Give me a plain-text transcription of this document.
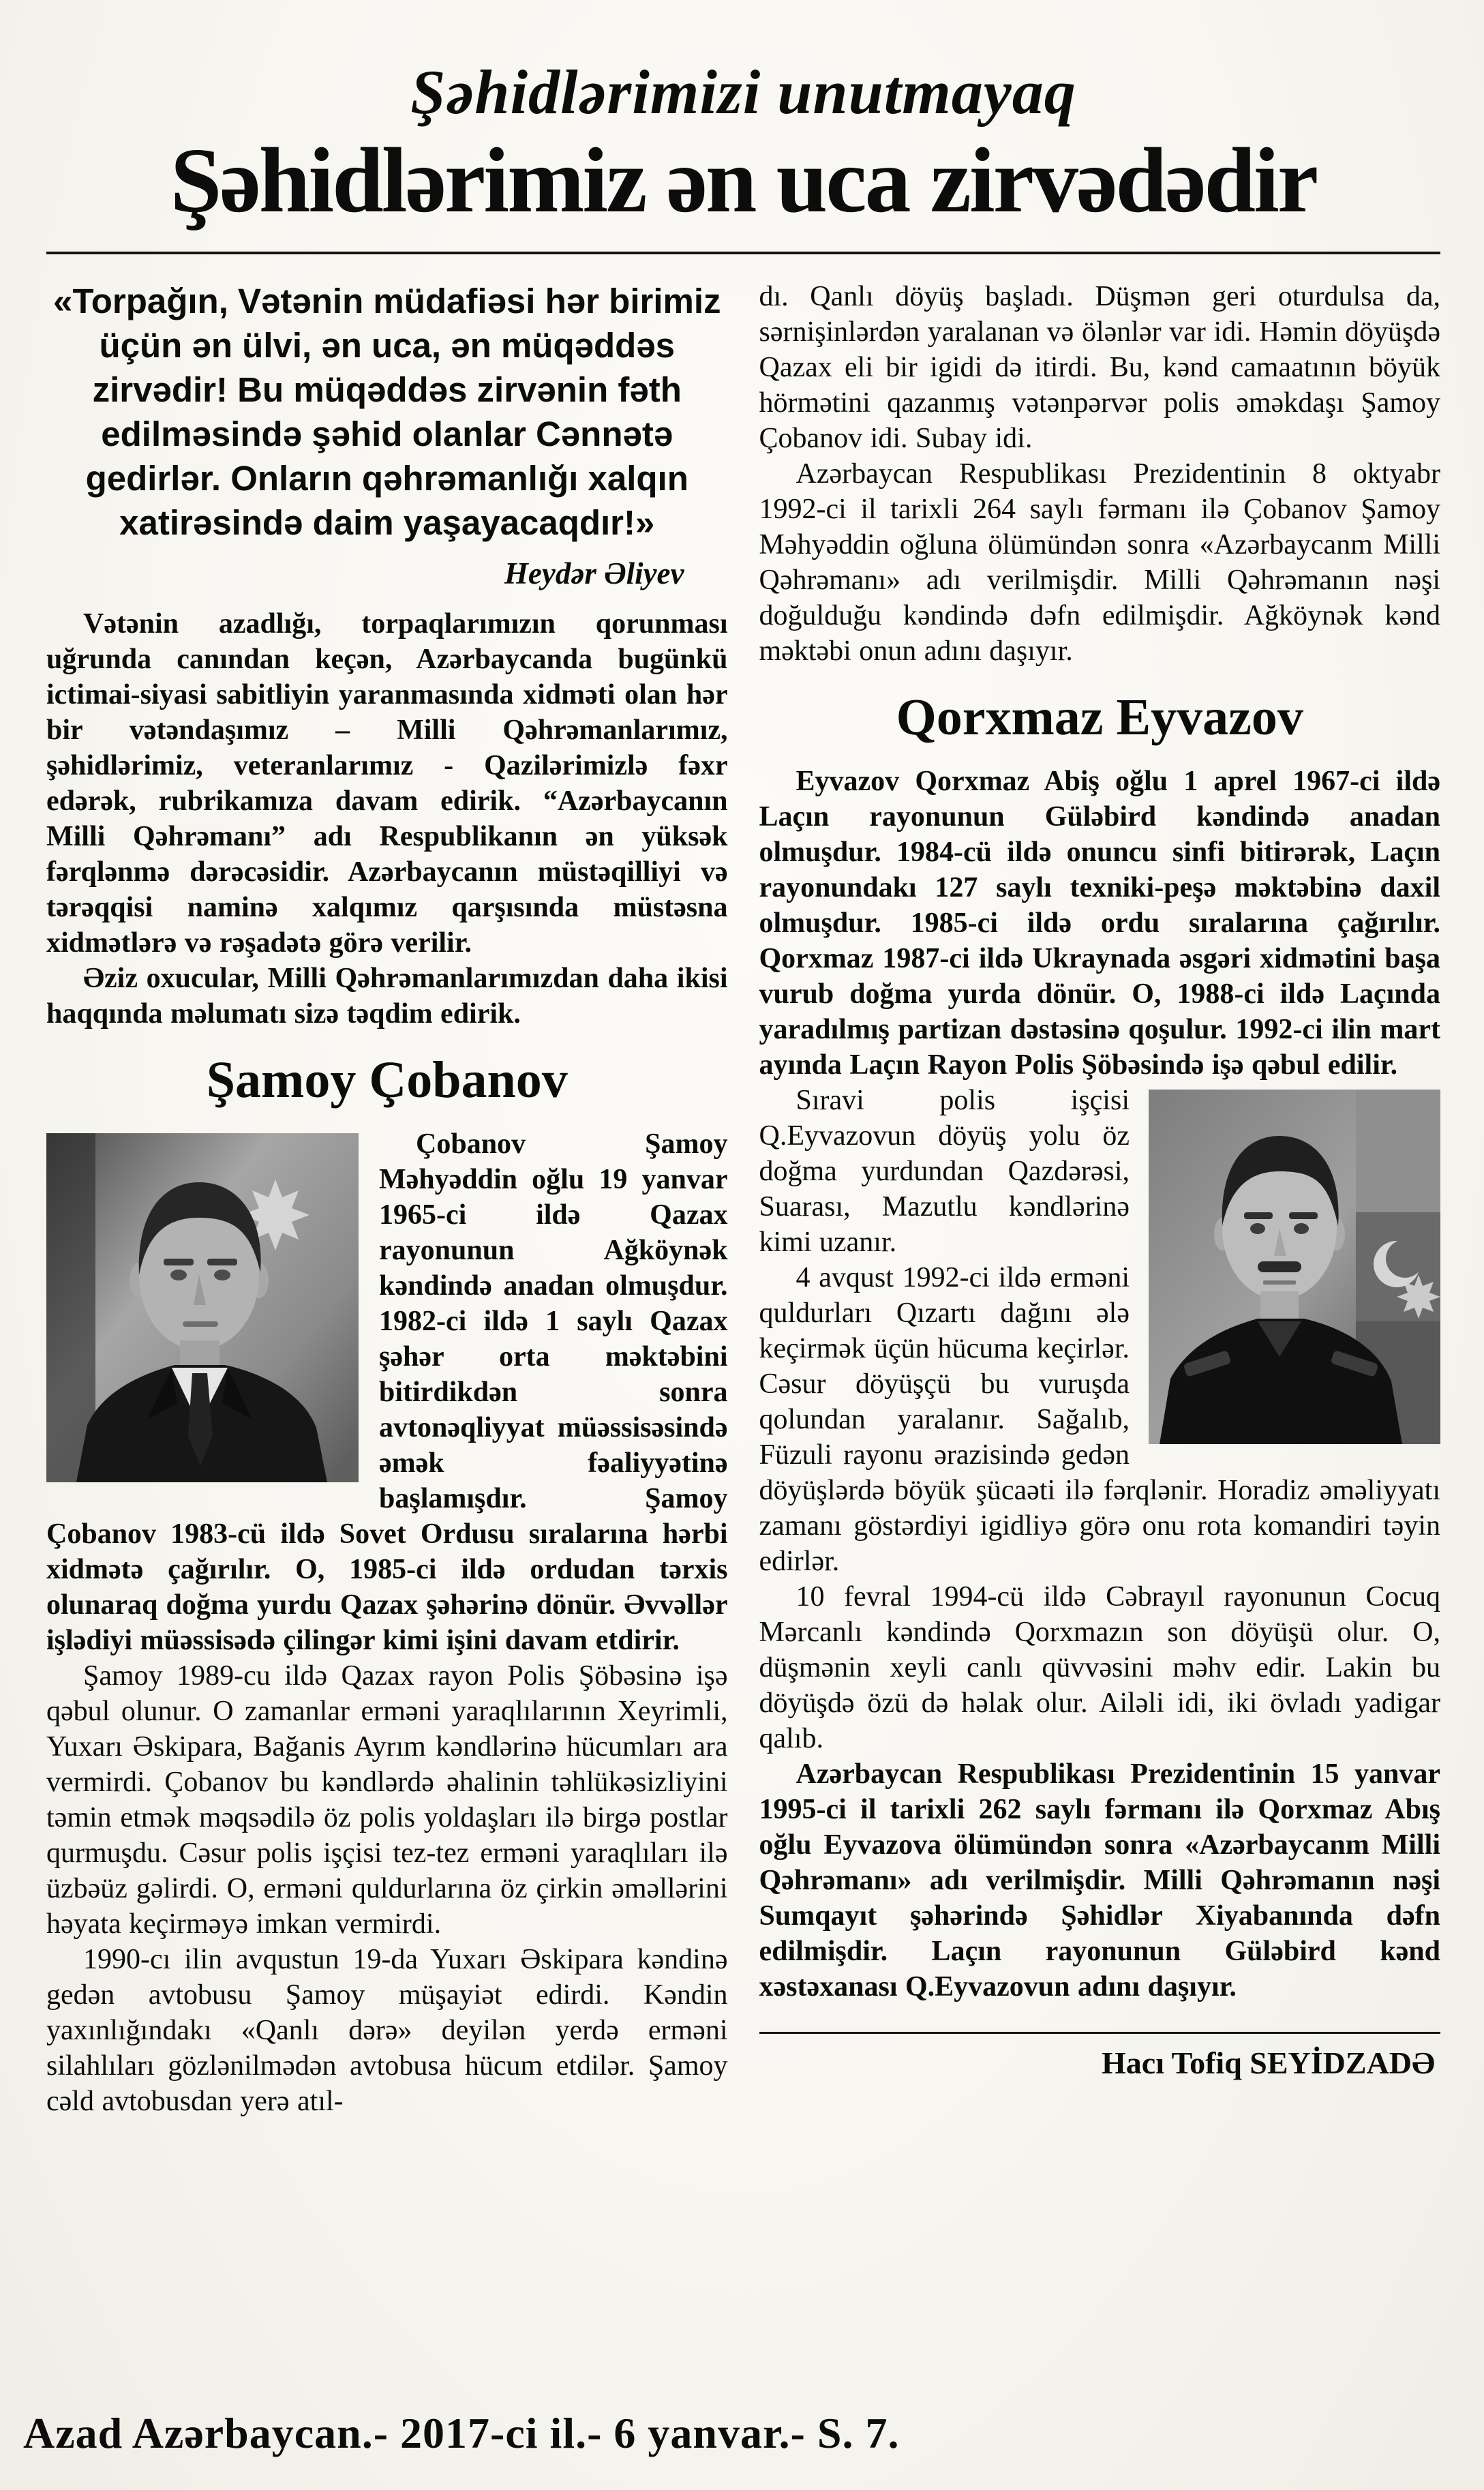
Şəhidlərimizi unutmayaq
Şəhidlərimiz ən uca zirvədədir
«Torpağın, Vətənin müdafiəsi hər birimiz üçün ən ülvi, ən uca, ən müqəddəs zirvədir! Bu müqəddəs zirvənin fəth edilməsində şəhid olanlar Cənnətə gedirlər. Onların qəhrəmanlığı xalqın xatirəsində daim yaşayacaqdır!»
Heydər Əliyev
Vətənin azadlığı, torpaqlarımızın qorunması uğrunda canından keçən, Azərbaycanda bugünkü ictimai-siyasi sabitliyin yaranmasında xidməti olan hər bir vətəndaşımız – Milli Qəhrəmanlarımız, şəhidlərimiz, veteranlarımız - Qazilərimizlə fəxr edərək, rubrikamıza davam edirik. “Azərbaycanın Milli Qəhrəmanı” adı Respublikanın ən yüksək fərqlənmə dərəcəsidir. Azərbaycanın müstəqilliyi və tərəqqisi naminə xalqımız qarşısında müstəsna xidmətlərə və rəşadətə görə verilir.
Əziz oxucular, Milli Qəhrəmanlarımızdan daha ikisi haqqında məlumatı sizə təqdim edirik.
Şamoy Çobanov
Çobanov Şamoy Məhyəddin oğlu 19 yanvar 1965-ci ildə Qazax rayonunun Ağköynək kəndində anadan olmuşdur. 1982-ci ildə 1 saylı Qazax şəhər orta məktəbini bitirdikdən sonra avtonəqliyyat müəssisəsində əmək fəaliyyətinə başlamışdır. Şamoy Çobanov 1983-cü ildə Sovet Ordusu sıralarına hərbi xidmətə çağırılır. O, 1985-ci ildə ordudan tərxis olunaraq doğma yurdu Qazax şəhərinə dönür. Əvvəllər işlədiyi müəssisədə çilingər kimi işini davam etdirir.
Şamoy 1989-cu ildə Qazax rayon Polis Şöbəsinə işə qəbul olunur. O zamanlar erməni yaraqlılarının Xeyrimli, Yuxarı Əskipara, Bağanis Ayrım kəndlərinə hücumları ara vermirdi. Çobanov bu kəndlərdə əhalinin təhlükəsizliyini təmin etmək məqsədilə öz polis yoldaşları ilə birgə postlar qurmuşdu. Cəsur polis işçisi tez-tez erməni yaraqlıları ilə üzbəüz gəlirdi. O, erməni quldurlarına öz çirkin əməllərini həyata keçirməyə imkan vermirdi.
1990-cı ilin avqustun 19-da Yuxarı Əskipara kəndinə gedən avtobusu Şamoy müşayiət edirdi. Kəndin yaxınlığındakı «Qanlı dərə» deyilən yerdə erməni silahlıları gözlənilmədən avtobusa hücum etdilər. Şamoy cəld avtobusdan yerə atıl-
dı. Qanlı döyüş başladı. Düşmən geri oturdulsa da, sərnişinlərdən yaralanan və ölənlər var idi. Həmin döyüşdə Qazax eli bir igidi də itirdi. Bu, kənd camaatının böyük hörmətini qazanmış vətənpərvər polis əməkdaşı Şamoy Çobanov idi. Subay idi.
Azərbaycan Respublikası Prezidentinin 8 oktyabr 1992-ci il tarixli 264 saylı fərmanı ilə Çobanov Şamoy Məhyəddin oğluna ölümündən sonra «Azərbaycanm Milli Qəhrəmanı» adı verilmişdir. Milli Qəhrəmanın nəşi doğulduğu kəndində dəfn edilmişdir. Ağköynək kənd məktəbi onun adını daşıyır.
Qorxmaz Eyvazov
Eyvazov Qorxmaz Abiş oğlu 1 aprel 1967-ci ildə Laçın rayonunun Güləbird kəndində anadan olmuşdur. 1984-cü ildə onuncu sinfi bitirərək, Laçın rayonundakı 127 saylı texniki-peşə məktəbinə daxil olmuşdur. 1985-ci ildə ordu sıralarına çağırılır. Qorxmaz 1987-ci ildə Ukraynada əsgəri xidmətini başa vurub doğma yurda dönür. O, 1988-ci ildə Laçında yaradılmış partizan dəstəsinə qoşulur. 1992-ci ilin mart ayında Laçın Rayon Polis Şöbəsində işə qəbul edilir.
Sıravi polis işçisi Q.Eyvazovun döyüş yolu öz doğma yurdundan Qazdərəsi, Suarası, Mazutlu kəndlərinə kimi uzanır.
4 avqust 1992-ci ildə erməni quldurları Qızartı dağını ələ keçirmək üçün hücuma keçirlər. Cəsur döyüşçü bu vuruşda qolundan yaralanır. Sağalıb, Füzuli rayonu ərazisində gedən döyüşlərdə böyük şücaəti ilə fərqlənir. Horadiz əməliyyatı zamanı göstərdiyi igidliyə görə onu rota komandiri təyin edirlər.
10 fevral 1994-cü ildə Cəbrayıl rayonunun Cocuq Mərcanlı kəndində Qorxmazın son döyüşü olur. O, düşmənin xeyli canlı qüvvəsini məhv edir. Lakin bu döyüşdə özü də həlak olur. Ailəli idi, iki övladı yadigar qalıb.
Azərbaycan Respublikası Prezidentinin 15 yanvar 1995-ci il tarixli 262 saylı fərmanı ilə Qorxmaz Abış oğlu Eyvazova ölümündən sonra «Azərbaycanm Milli Qəhrəmanı» adı verilmişdir. Milli Qəhrəmanın nəşi Sumqayıt şəhərində Şəhidlər Xiyabanında dəfn edilmişdir. Laçın rayonunun Güləbird kənd xəstəxanası Q.Eyvazovun adını daşıyır.
Hacı Tofiq SEYİDZADƏ
Azad Azərbaycan.- 2017-ci il.- 6 yanvar.- S. 7.
